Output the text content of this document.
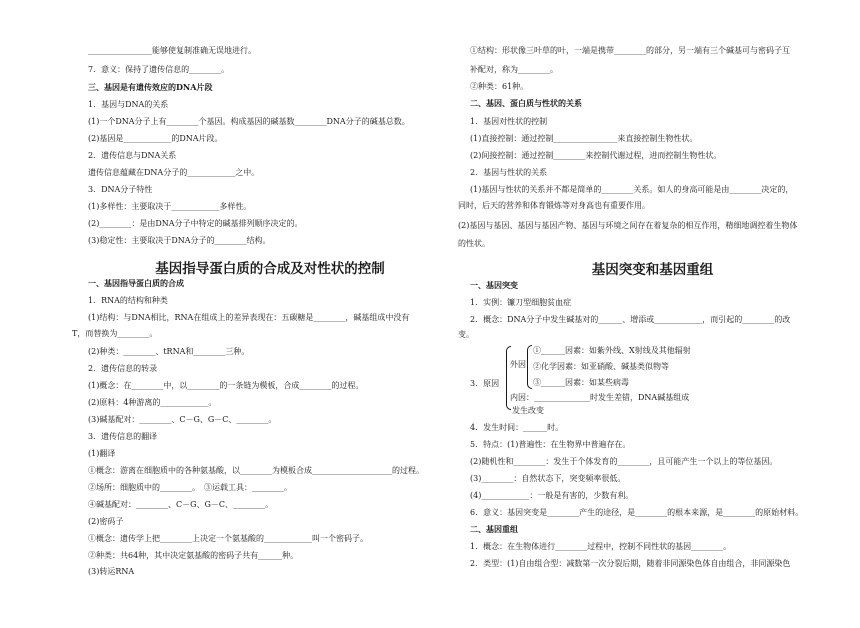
________________能够使复制准确无误地进行。
7．意义：保持了遗传信息的________。
三、基因是有遗传效应的DNA片段
1．基因与DNA的关系
(1)一个DNA分子上有________个基因。构成基因的碱基数________DNA分子的碱基总数。
(2)基因是____________的DNA片段。
2．遗传信息与DNA关系
遗传信息蕴藏在DNA分子的____________之中。
3．DNA分子特性
(1)多样性：主要取决于____________多样性。
(2)________：是由DNA分子中特定的碱基排列顺序决定的。
(3)稳定性：主要取决于DNA分子的________结构。
基因指导蛋白质的合成及对性状的控制
一、基因指导蛋白质的合成
1．RNA的结构和种类
(1)结构：与DNA相比，RNA在组成上的差异表现在：五碳糖是________，碱基组成中没有
T，而替换为________。
(2)种类：________、tRNA和________三种。
2．遗传信息的转录
(1)概念：在________中，以________的一条链为模板，合成________的过程。
(2)原料：4种游离的____________。
(3)碱基配对：________、C－G、G－C、________。
3．遗传信息的翻译
(1)翻译
①概念：游离在细胞质中的各种氨基酸，以________为模板合成____________________的过程。
②场所：细胞质中的________。　③运载工具：________。
④碱基配对：________、C－G、G－C、________。
(2)密码子
①概念：遗传学上把________上决定一个氨基酸的____________叫一个密码子。
②种类：共64种，其中决定氨基酸的密码子共有______种。
(3)转运RNA
①结构：形状像三叶草的叶，一端是携带________的部分，另一端有三个碱基可与密码子互
补配对，称为________。
②种类：61种。
二、基因、蛋白质与性状的关系
1．基因对性状的控制
(1)直接控制：通过控制________________来直接控制生物性状。
(2)间接控制：通过控制________来控制代谢过程，进而控制生物性状。
2．基因与性状的关系
(1)基因与性状的关系并不都是简单的________关系。如人的身高可能是由________决定的，
同时，后天的营养和体育锻炼等对身高也有重要作用。
(2)基因与基因、基因与基因产物、基因与环境之间存在着复杂的相互作用，精细地调控着生物体
的性状。
基因突变和基因重组
一、基因突变
1．实例：镰刀型细胞贫血症
2．概念：DNA分子中发生碱基对的______、增添或____________，而引起的________的改
变。
3．原因
外因
①______因素：如紫外线、X射线及其他辐射
②化学因素：如亚硝酸、碱基类似物等
③______因素：如某些病毒
内因：______________时发生差错，DNA碱基组成
发生改变
4．发生时间：______时。
5．特点：(1)普遍性：在生物界中普遍存在。
(2)随机性和________：发生于个体发育的________，且可能产生一个以上的等位基因。
(3)________：自然状态下，突变频率很低。
(4)____________：一般是有害的，少数有利。
6．意义：基因突变是________产生的途径，是________的根本来源，是________的原始材料。
二、基因重组
1．概念：在生物体进行________过程中，控制不同性状的基因________。
2．类型：(1)自由组合型：减数第一次分裂后期，随着非同源染色体自由组合，非同源染色
